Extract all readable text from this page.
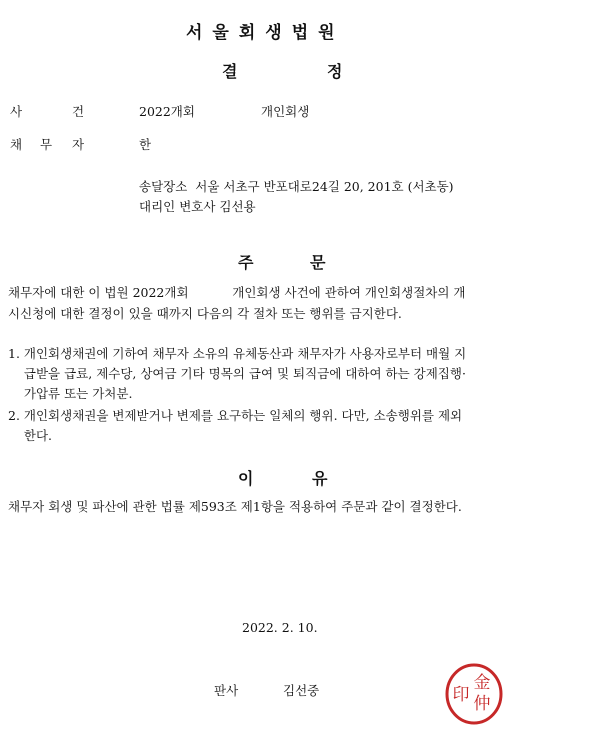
서울회생법원
결	정
사	건	2022개회	개인회생
채 무 자	한
송달장소  서울 서초구 반포대로24길 20, 201호 (서초동)
대리인 변호사 김선용
주	문
채무자에 대한 이 법원 2022개회           개인회생 사건에 관하여 개인회생절차의 개
시신청에 대한 결정이 있을 때까지 다음의 각 절차 또는 행위를 금지한다.
1. 개인회생채권에 기하여 채무자 소유의 유체동산과 채무자가 사용자로부터 매월 지
급받을 급료, 제수당, 상여금 기타 명목의 급여 및 퇴직금에 대하여 하는 강제집행·
가압류 또는 가처분.
2. 개인회생채권을 변제받거나 변제를 요구하는 일체의 행위. 다만, 소송행위를 제외
한다.
이	유
채무자 회생 및 파산에 관한 법률 제593조 제1항을 적용하여 주문과 같이 결정한다.
2022. 2. 10.
판사	김선중	金
仲
印
